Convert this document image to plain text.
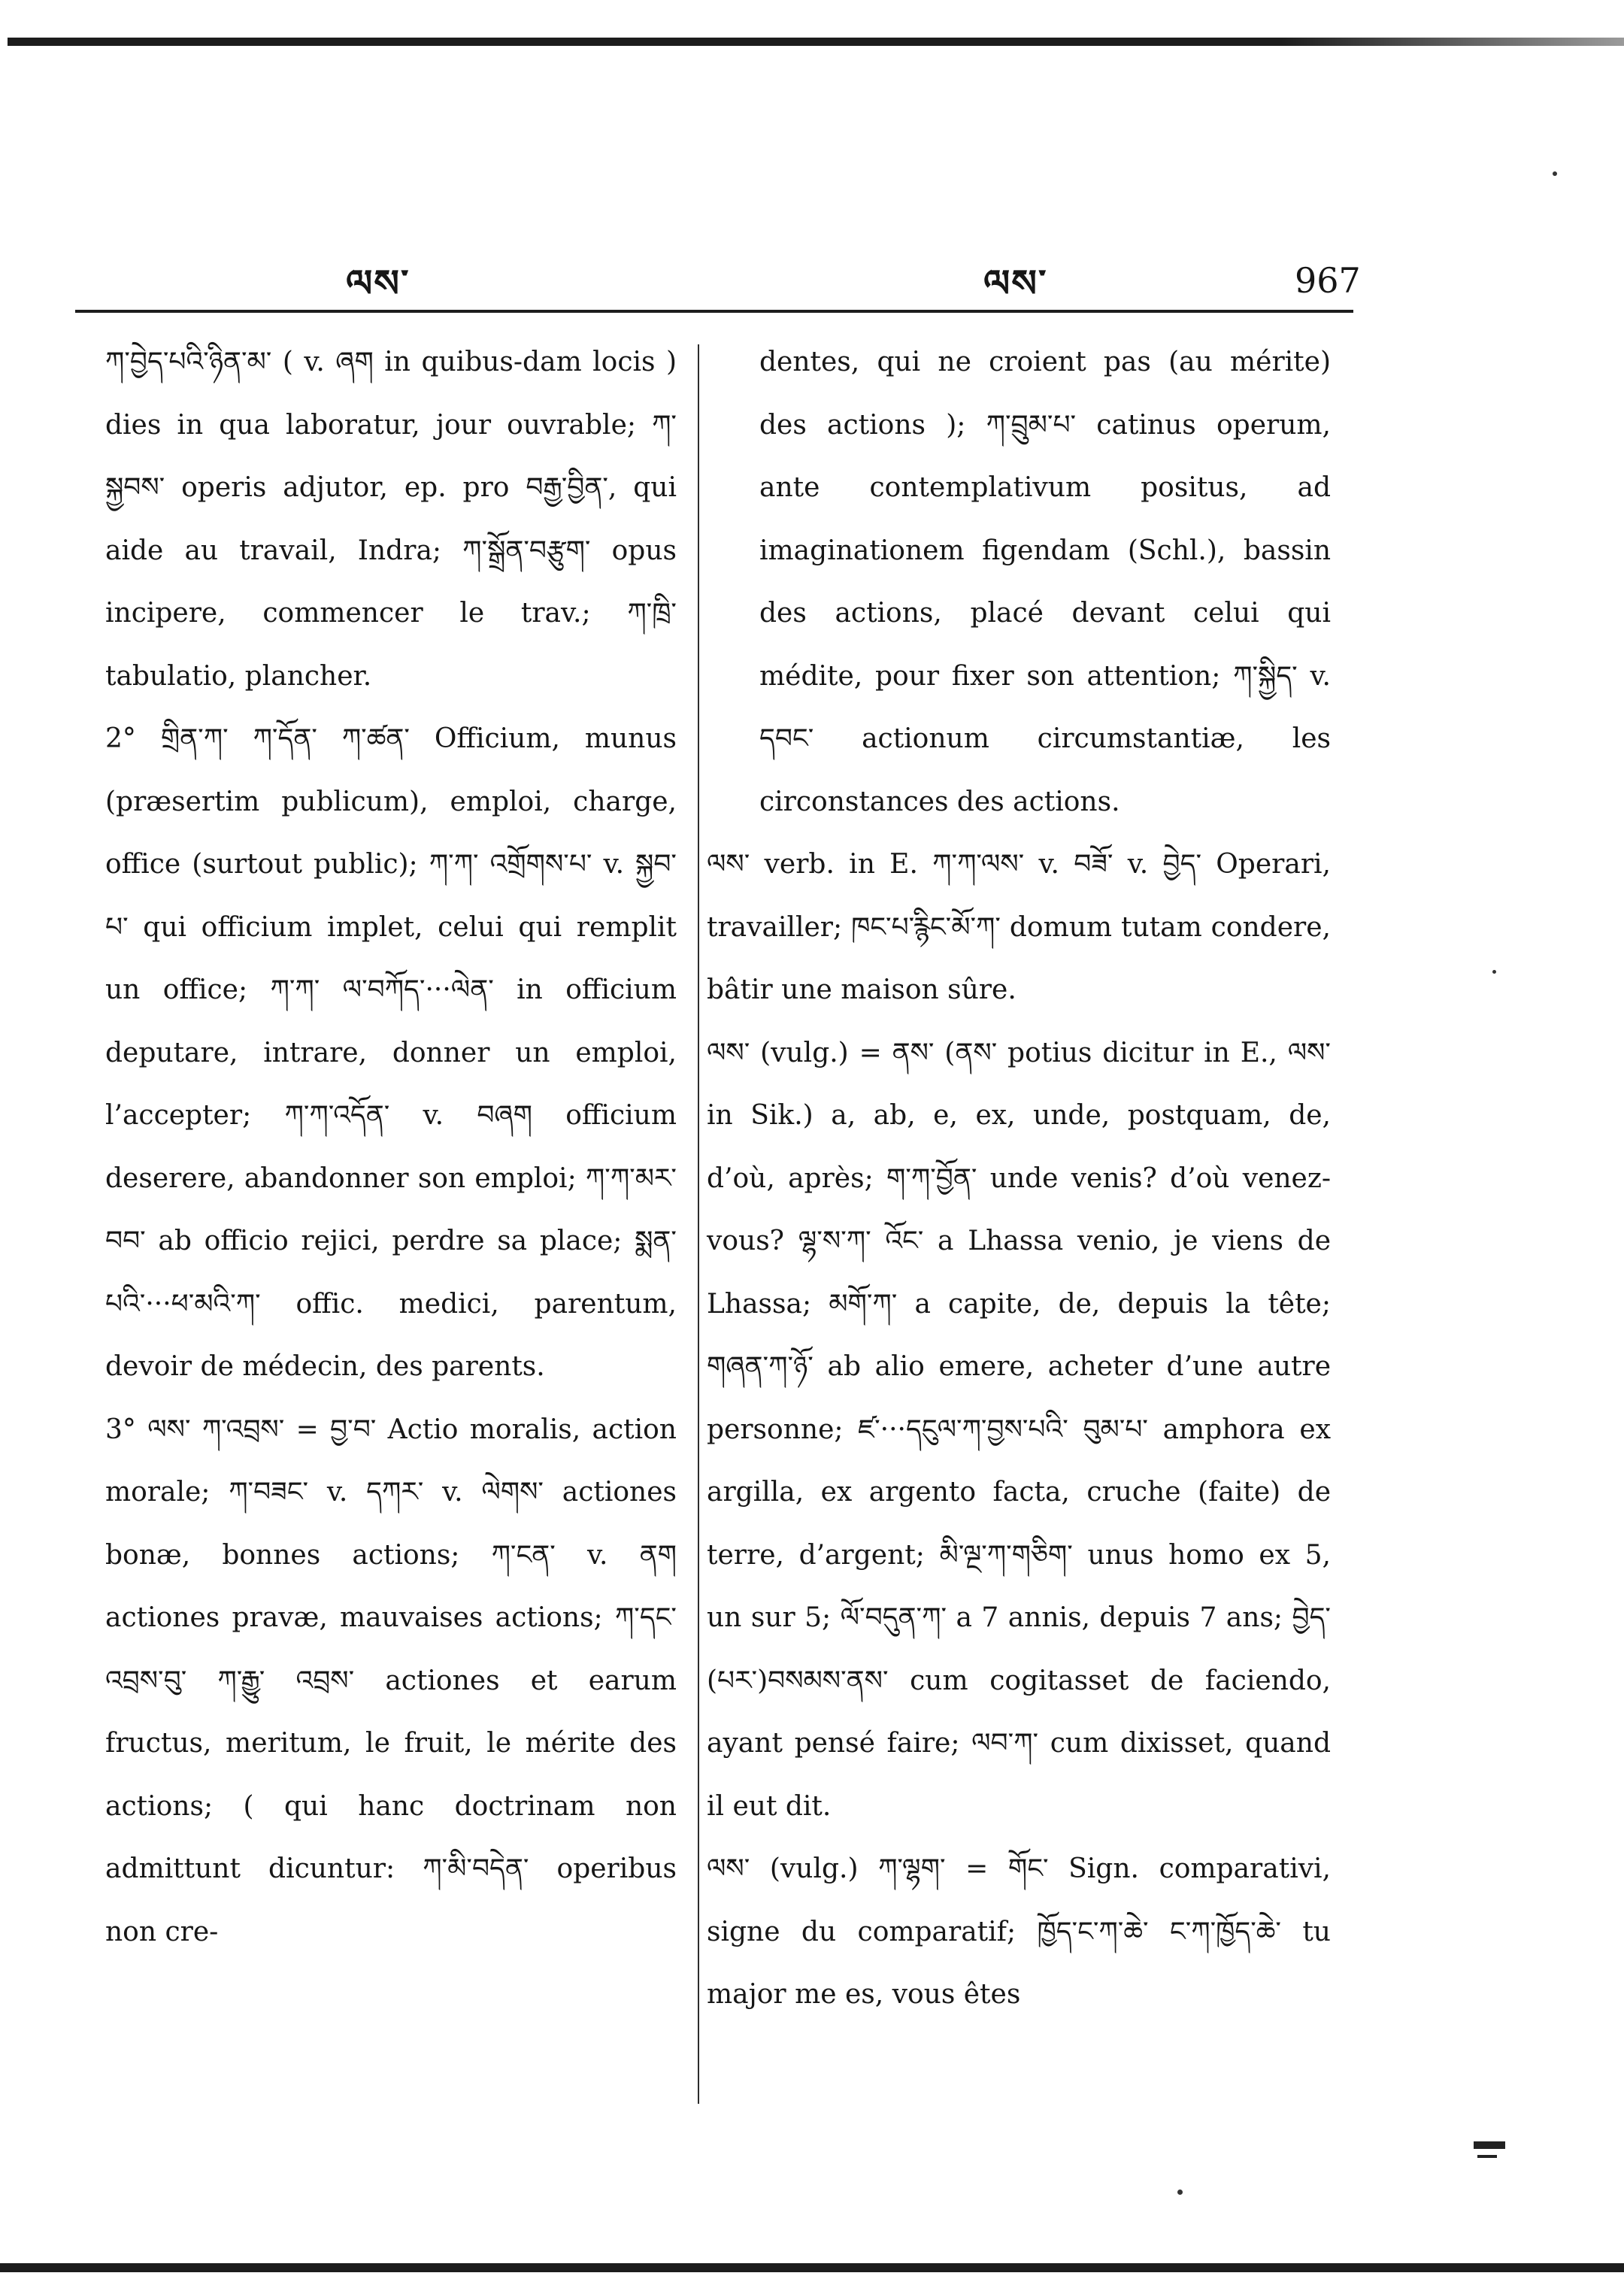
ལས་	ལས་	967

ཀ་བྱེད་པའི་ཉིན་མ་ ( v. ཞག in quibus-dam locis ) dies in qua laboratur, jour ouvrable; ཀ་སྐྱབས་ operis adjutor, ep. pro བརྒྱ་བྱིན་, qui aide au travail, Indra; ཀ་སྒྲོན་བརྩུག་ opus incipere, commencer le trav.; ཀ་ཁྲི་ tabulatio, plancher.

2° གྲིན་ཀ་ ཀ་དོན་ ཀ་ཚན་ Officium, munus (præsertim publicum), emploi, charge, office (surtout public); ཀ་ཀ་ འགྲོགས་པ་ v. སྐྱབ་པ་ qui officium implet, celui qui remplit un office; ཀ་ཀ་ ལ་བཀོད་···ལེན་ in officium deputare, intrare, donner un emploi, l’accepter; ཀ་ཀ་འདོན་ v. བཞག officium deserere, abandonner son emploi; ཀ་ཀ་མར་བབ་ ab officio rejici, perdre sa place; སྨན་ པའི་···ཕ་མའི་ཀ་ offic. medici, parentum, devoir de médecin, des parents.

3° ལས་ ཀ་འབྲས་ = བྱ་བ་ Actio moralis, action morale; ཀ་བཟང་ v. དཀར་ v. ལེགས་ actiones bonæ, bonnes actions; ཀ་ངན་ v. ནག actiones pravæ, mauvaises actions; ཀ་དང་འབྲས་བུ་ ཀ་རྒྱུ་ འབྲས་ actiones et earum fructus, meritum, le fruit, le mérite des actions; ( qui hanc doctrinam non admittunt dicuntur: ཀ་མི་བདེན་ operibus non cre-

dentes, qui ne croient pas (au mérite) des actions ); ཀ་བྲུམ་པ་ catinus operum, ante contemplativum positus, ad imaginationem figendam (Schl.), bassin des actions, placé devant celui qui médite, pour fixer son attention; ཀ་སྐྱིད་ v. དབང་ actionum circumstantiæ, les circonstances des actions.

ལས་ verb. in E. ཀ་ཀ་ལས་ v. བཟོ་ v. བྱེད་ Operari, travailler; ཁང་པ་རྙིང་མོ་ཀ་ domum tutam condere, bâtir une maison sûre.

ལས་ (vulg.) = ནས་ (ནས་ potius dicitur in E., ལས་ in Sik.) a, ab, e, ex, unde, postquam, de, d’où, après; ག་ཀ་བྱོན་ unde venis? d’où venez-vous? ལྷ་ས་ཀ་ འོང་ a Lhassa venio, je viens de Lhassa; མགོ་ཀ་ a capite, de, depuis la tête; གཞན་ཀ་ཉོ་ ab alio emere, acheter d’une autre personne; ཛ་···དངུལ་ཀ་བྱས་པའི་ བུམ་པ་ amphora ex argilla, ex argento facta, cruche (faite) de terre, d’argent; མི་ལྔ་ཀ་གཅིག་ unus homo ex 5, un sur 5; ལོ་བདུན་ཀ་ a 7 annis, depuis 7 ans; བྱེད་(པར་)བསམས་ནས་ cum cogitasset de faciendo, ayant pensé faire; ལབ་ཀ་ cum dixisset, quand il eut dit.

ལས་ (vulg.) ཀ་ལྷག་ = གོང་ Sign. comparativi, signe du comparatif; ཁྱོད་ང་ཀ་ཆེ་ ང་ཀ་ཁྱོད་ཆེ་ tu major me es, vous êtes
